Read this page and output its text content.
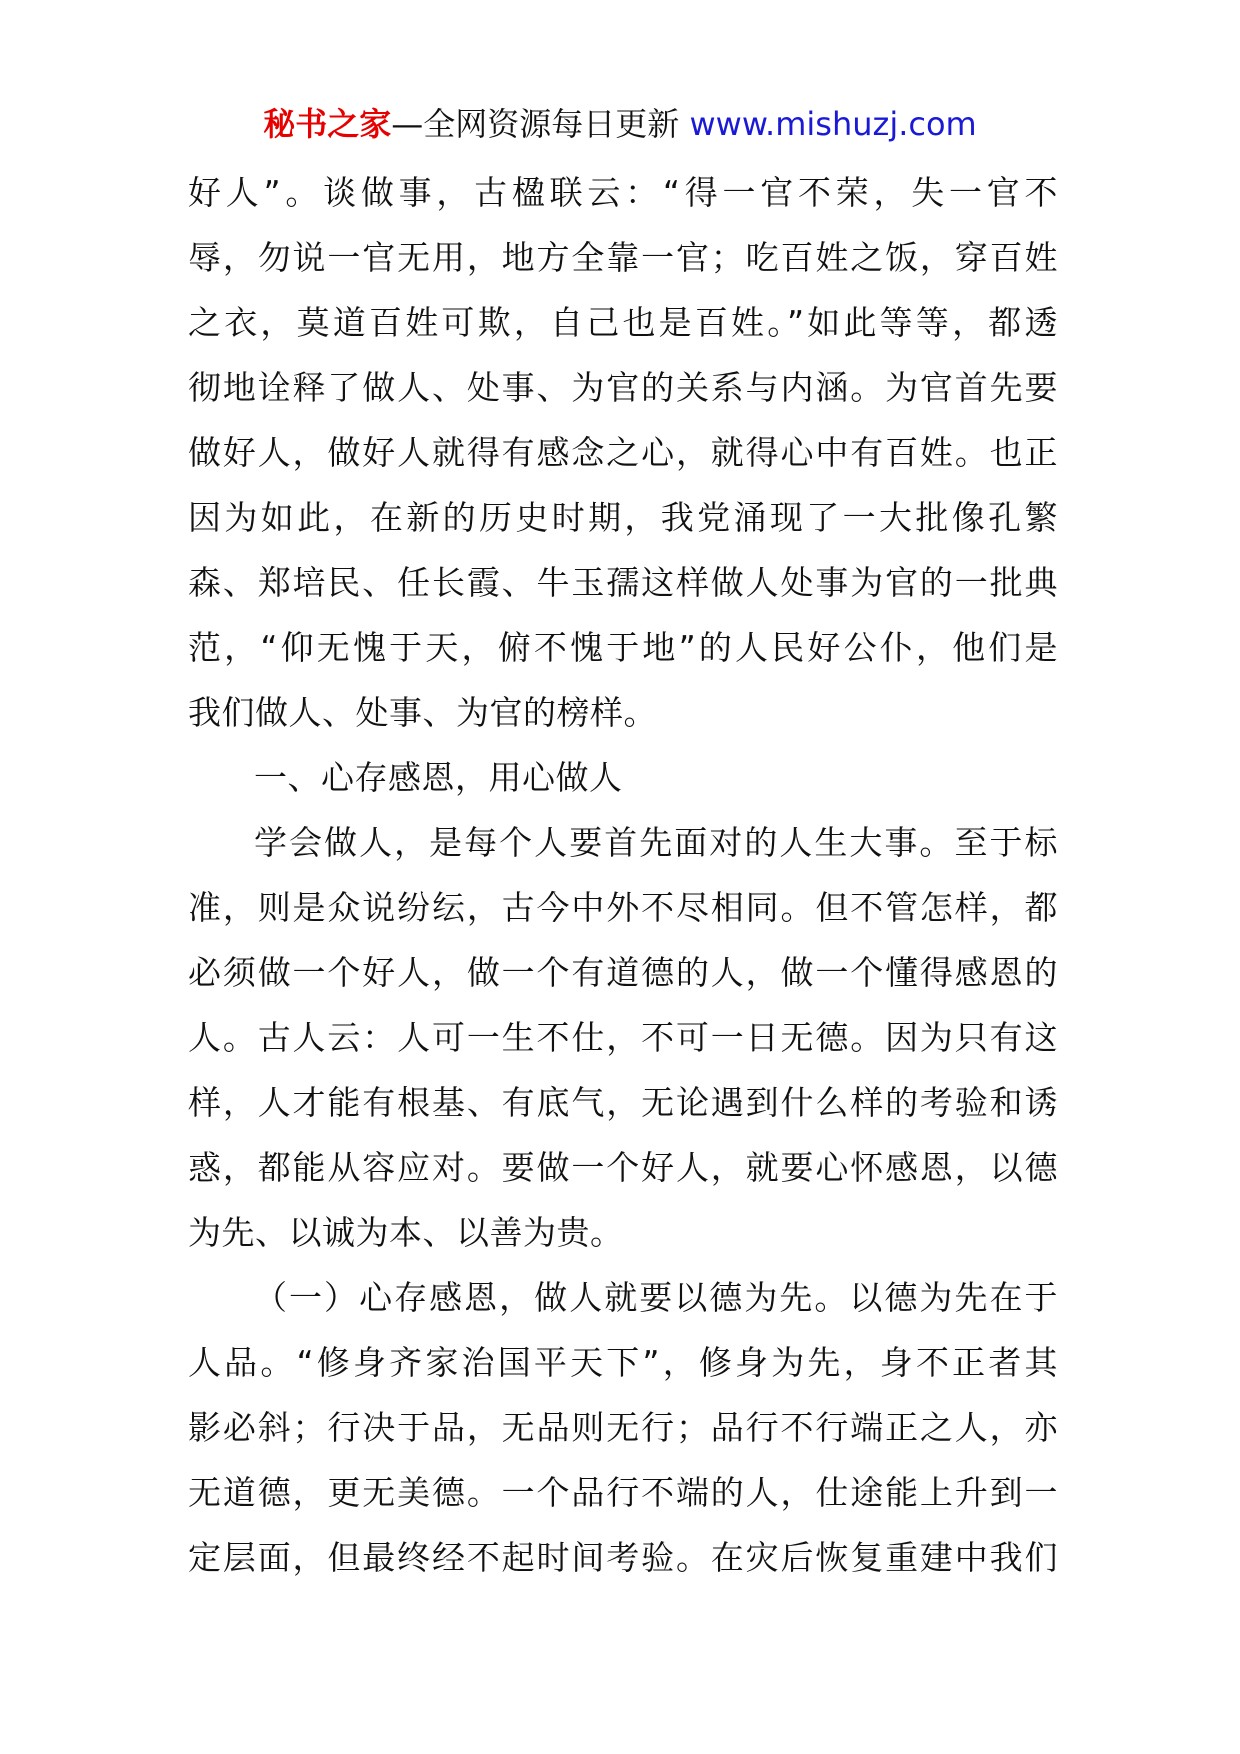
秘书之家—全网资源每日更新 www.mishuzj.com
好人”。谈做事，古楹联云：“得一官不荣，失一官不
辱，勿说一官无用，地方全靠一官；吃百姓之饭，穿百姓
之衣，莫道百姓可欺，自己也是百姓。”如此等等，都透
彻地诠释了做人、处事、为官的关系与内涵。为官首先要
做好人，做好人就得有感念之心，就得心中有百姓。也正
因为如此，在新的历史时期，我党涌现了一大批像孔繁
森、郑培民、任长霞、牛玉孺这样做人处事为官的一批典
范，“仰无愧于天，俯不愧于地”的人民好公仆，他们是
我们做人、处事、为官的榜样。
一、心存感恩，用心做人
学会做人，是每个人要首先面对的人生大事。至于标
准，则是众说纷纭，古今中外不尽相同。但不管怎样，都
必须做一个好人，做一个有道德的人，做一个懂得感恩的
人。古人云：人可一生不仕，不可一日无德。因为只有这
样，人才能有根基、有底气，无论遇到什么样的考验和诱
惑，都能从容应对。要做一个好人，就要心怀感恩，以德
为先、以诚为本、以善为贵。
（一）心存感恩，做人就要以德为先。以德为先在于
人品。“修身齐家治国平天下”，修身为先，身不正者其
影必斜；行决于品，无品则无行；品行不行端正之人，亦
无道德，更无美德。一个品行不端的人，仕途能上升到一
定层面，但最终经不起时间考验。在灾后恢复重建中我们
